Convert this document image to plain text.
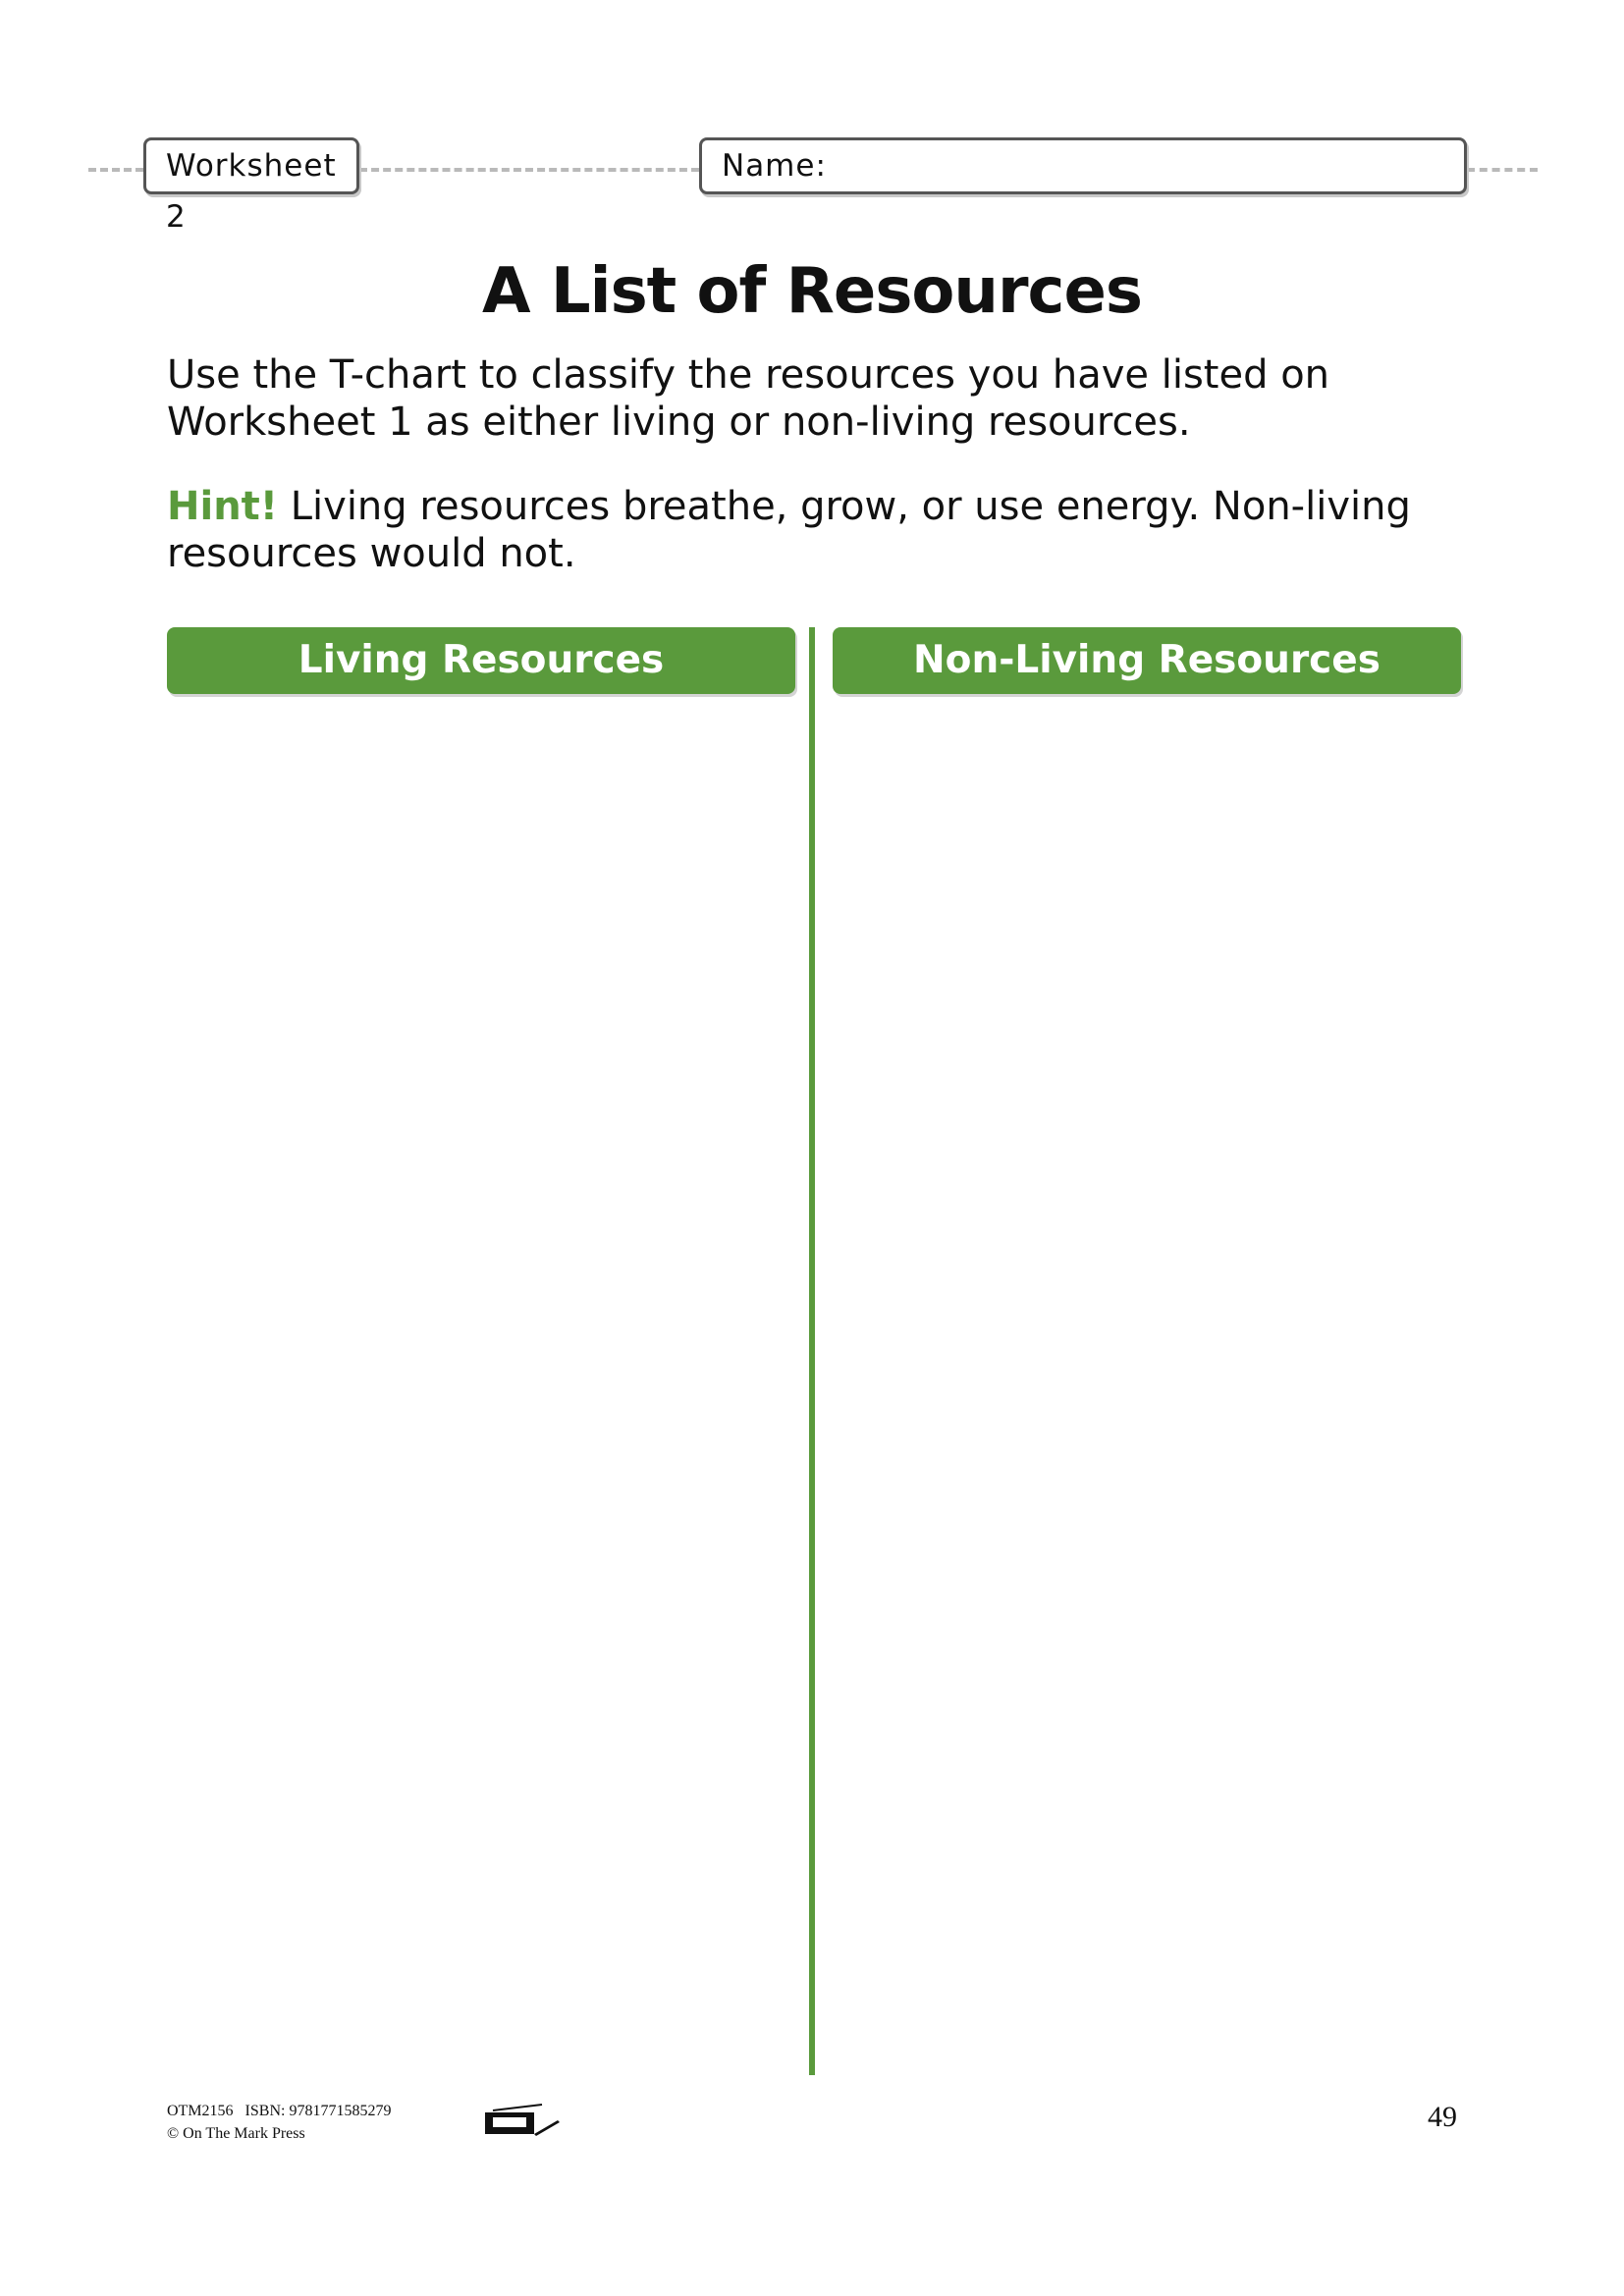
Worksheet 2
Name:
A List of Resources
Use the T-chart to classify the resources you have listed on Worksheet 1 as either living or non-living resources.
Hint! Living resources breathe, grow, or use energy. Non-living resources would not.
Living Resources	Non-Living Resources
OTM2156   ISBN: 9781771585279
© On The Mark Press
49
